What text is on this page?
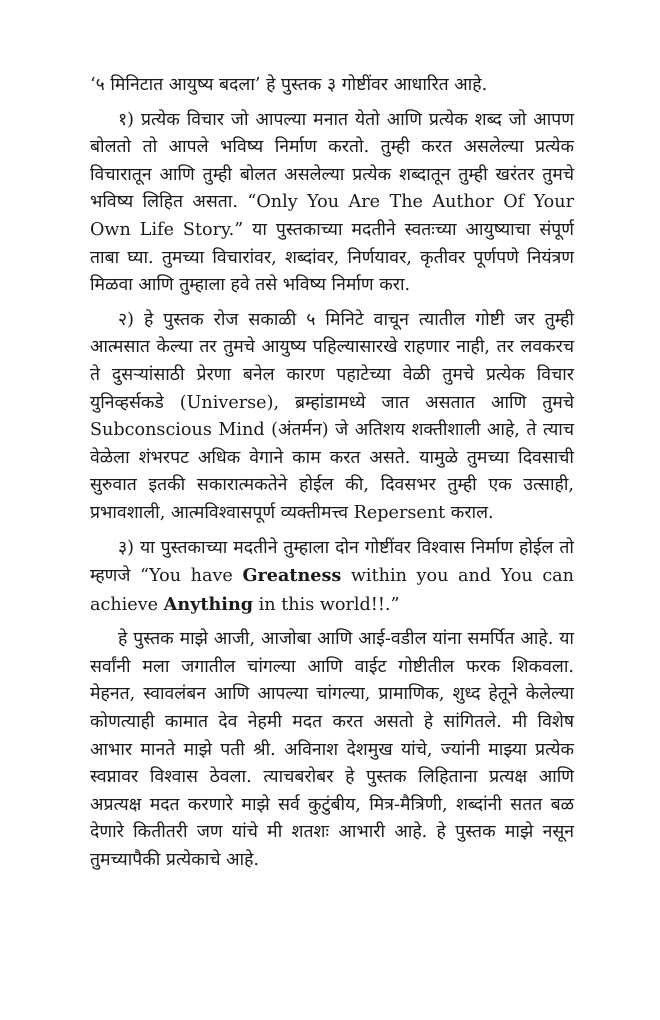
‘५ मिनिटात आयुष्य बदला’ हे पुस्तक ३ गोष्टींवर आधारित आहे.

१) प्रत्येक विचार जो आपल्या मनात येतो आणि प्रत्येक शब्द जो आपण बोलतो तो आपले भविष्य निर्माण करतो. तुम्ही करत असलेल्या प्रत्येक विचारातून आणि तुम्ही बोलत असलेल्या प्रत्येक शब्दातून तुम्ही खरंतर तुमचे भविष्य लिहित असता. “Only You Are The Author Of Your Own Life Story.” या पुस्तकाच्या मदतीने स्वतःच्या आयुष्याचा संपूर्ण ताबा घ्या. तुमच्या विचारांवर, शब्दांवर, निर्णयावर, कृतीवर पूर्णपणे नियंत्रण मिळवा आणि तुम्हाला हवे तसे भविष्य निर्माण करा.

२) हे पुस्तक रोज सकाळी ५ मिनिटे वाचून त्यातील गोष्टी जर तुम्ही आत्मसात केल्या तर तुमचे आयुष्य पहिल्यासारखे राहणार नाही, तर लवकरच ते दुसऱ्यांसाठी प्रेरणा बनेल कारण पहाटेच्या वेळी तुमचे प्रत्येक विचार युनिव्हर्सकडे (Universe), ब्रम्हांडामध्ये जात असतात आणि तुमचे Subconscious Mind (अंतर्मन) जे अतिशय शक्तीशाली आहे, ते त्याच वेळेला शंभरपट अधिक वेगाने काम करत असते. यामुळे तुमच्या दिवसाची सुरुवात इतकी सकारात्मकतेने होईल की, दिवसभर तुम्ही एक उत्साही, प्रभावशाली, आत्मविश्वासपूर्ण व्यक्तीमत्त्व Repersent कराल.

३) या पुस्तकाच्या मदतीने तुम्हाला दोन गोष्टींवर विश्वास निर्माण होईल तो म्हणजे “You have Greatness within you and You can achieve Anything in this world!!.”

हे पुस्तक माझे आजी, आजोबा आणि आई-वडील यांना समर्पित आहे. या सर्वांनी मला जगातील चांगल्या आणि वाईट गोष्टीतील फरक शिकवला. मेहनत, स्वावलंबन आणि आपल्या चांगल्या, प्रामाणिक, शुध्द हेतूने केलेल्या कोणत्याही कामात देव नेहमी मदत करत असतो हे सांगितले. मी विशेष आभार मानते माझे पती श्री. अविनाश देशमुख यांचे, ज्यांनी माझ्या प्रत्येक स्वप्नावर विश्वास ठेवला. त्याचबरोबर हे पुस्तक लिहिताना प्रत्यक्ष आणि अप्रत्यक्ष मदत करणारे माझे सर्व कुटुंबीय, मित्र-मैत्रिणी, शब्दांनी सतत बळ देणारे कितीतरी जण यांचे मी शतशः आभारी आहे. हे पुस्तक माझे नसून तुमच्यापैकी प्रत्येकाचे आहे.
